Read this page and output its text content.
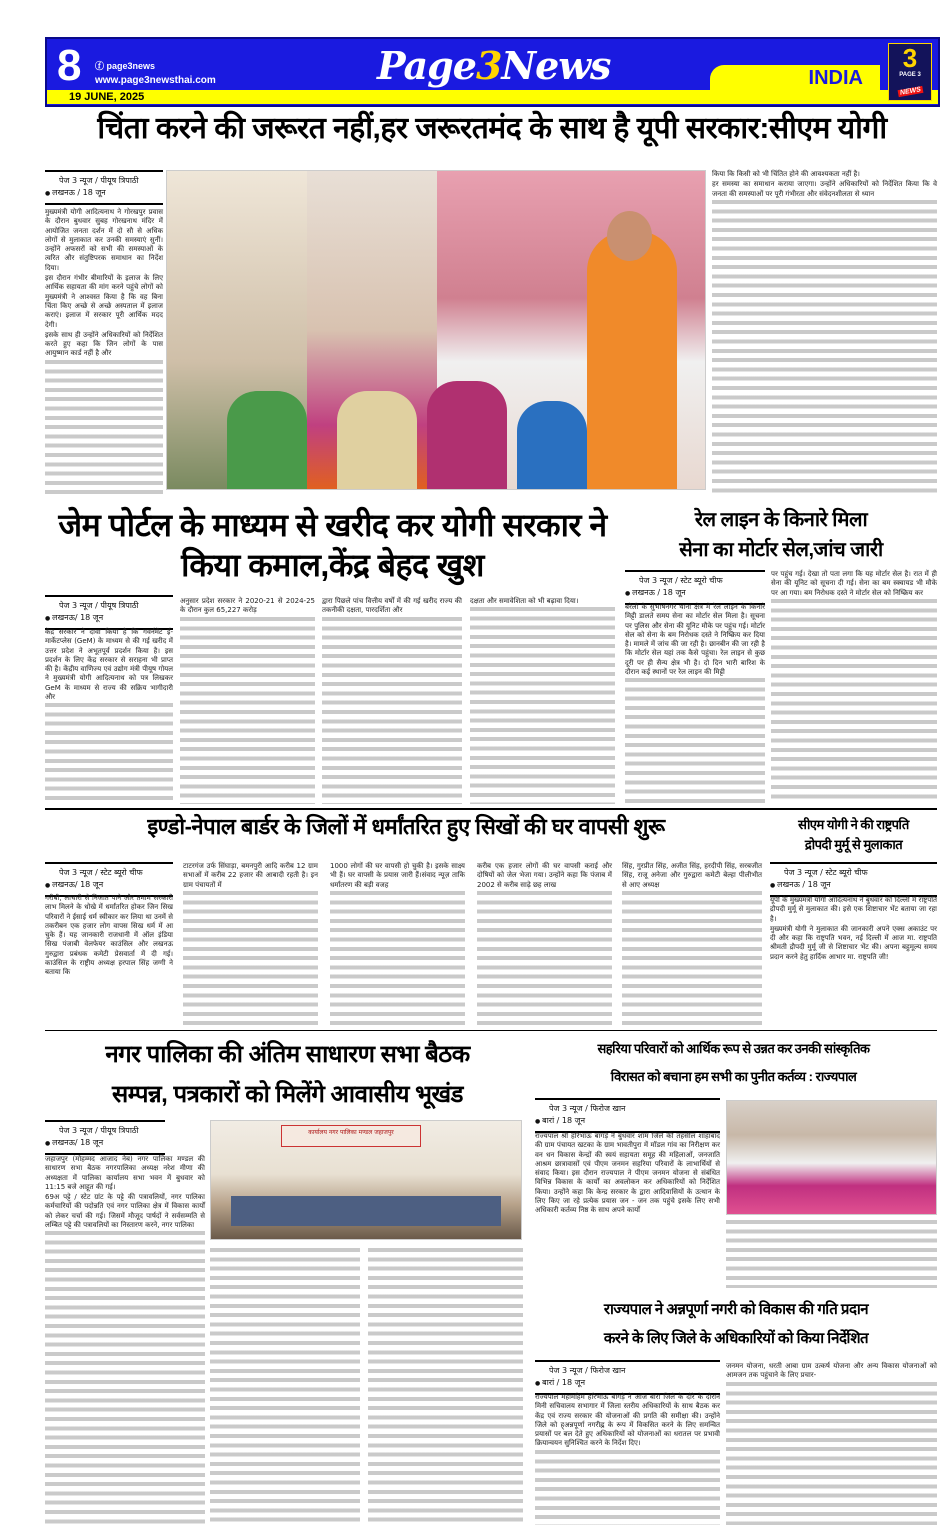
8 ⓕ page3news
www.page3newsthai.com
19 JUNE, 2025
Page3News	INDIA
3
PAGE 3
NEWS
चिंता करने की जरूरत नहीं,हर जरूरतमंद के साथ है यूपी सरकार:सीएम योगी
पेज 3 न्यूज / पीयूष त्रिपाठी
● लखनऊ / 18 जून

मुख्यमंत्री योगी आदित्यनाथ ने गोरखपुर प्रवास के दौरान बुधवार सुबह गोरखनाथ मंदिर में आयोजित जनता दर्शन में दो सौ से अधिक लोगों से मुलाकात कर उनकी समस्याएं सुनीं। उन्होंने अफसरों को सभी की समस्याओं के त्वरित और संतुष्टिपरक समाधान का निर्देश दिया।

इस दौरान गंभीर बीमारियों के इलाज के लिए आर्थिक सहायता की मांग करने पहुंचे लोगों को मुख्यमंत्री ने आश्वस्त किया है कि वह बिना चिंता किए अच्छे से अच्छे अस्पताल में इलाज कराएं। इलाज में सरकार पूरी आर्थिक मदद देगी।

इसके साथ ही उन्होंने अधिकारियों को निर्देशित करते हुए कहा कि जिन लोगों के पास आयुष्मान कार्ड नहीं है और

किया कि किसी को भी चिंतित होने की आवश्यकता नहीं है।

हर समस्या का समाधान कराया जाएगा। उन्होंने अधिकारियों को निर्देशित किया कि वे जनता की समस्याओं पर पूरी गंभीरता और संवेदनशीलता से ध्यान

जेम पोर्टल के माध्यम से खरीद कर योगी सरकार ने किया कमाल,केंद्र बेहद खुश
पेज 3 न्यूज / पीयूष त्रिपाठी
● लखनऊ/ 18 जून

केंद्र सरकार ने दावा किया है कि गवर्नमेंट ई-मार्केटप्लेस (GeM) के माध्यम से की गई खरीद में उत्तर प्रदेश ने अभूतपूर्व प्रदर्शन किया है। इस प्रदर्शन के लिए केंद्र सरकार से सराहना भी प्राप्त की है। केंद्रीय वाणिज्य एवं उद्योग मंत्री पीयूष गोयल ने मुख्यमंत्री योगी आदित्यनाथ को पत्र लिखकर GeM के माध्यम से राज्य की सक्रिय भागीदारी और

अनुसार प्रदेश सरकार ने 2020-21 से 2024-25 के दौरान कुल 65,227 करोड़

द्वारा पिछले पांच वित्तीय वर्षों में की गई खरीद राज्य की तकनीकी दक्षता, पारदर्शिता और

दक्षता और समावेशिता को भी बढ़ावा दिया।

रेल लाइन के किनारे मिला
सेना का मोर्टार सेल,जांच जारी
पेज 3 न्यूज / स्टेट ब्यूरो चीफ
● लखनऊ / 18 जून

बरेली के सुभाषनगर थाना क्षेत्र में रेल लाइन के किनारे मिट्टी डालते समय सेना का मोर्टार सेल मिला है। सूचना पर पुलिस और सेना की यूनिट मौके पर पहुंच गई। मोर्टार सेल को सेना के बम निरोधक दस्ते ने निष्क्रिय कर दिया है। मामले में जांच की जा रही है। छानबीन की जा रही है कि मोर्टार सेल यहां तक कैसे पहुंचा। रेल लाइन से कुछ दूरी पर ही सैन्य क्षेत्र भी है। दो दिन भारी बारिश के दौरान कई स्थानों पर रेल लाइन की मिट्टी

पर पहुंच गई। देखा तो पता लगा कि यह मोर्टार सेल है। रात में ही सेना की यूनिट को सूचना दी गई। सेना का बम स्क्वायड भी मौके पर आ गया। बम निरोधक दस्ते ने मोर्टार सेल को निष्क्रिय कर

इण्डो-नेपाल बार्डर के जिलों में धर्मांतरित हुए सिखों की घर वापसी शुरू
पेज 3 न्यूज / स्टेट ब्यूरो चीफ
● लखनऊ/ 18 जून

गरीबी, लाचारी से निजात पाने और तमाम सरकारी लाभ मिलने के धोखे में धर्मांतरित होकर जिन सिख परिवारों ने ईसाई धर्म स्वीकार कर लिया था उनमें से तकरीबन एक हजार लोग वापस सिख धर्म में आ चुके हैं। यह जानकारी राजधानी में ऑल इंडिया सिख पंजाबी वेलफेयर काउंसिल और लखनऊ गुरुद्वारा प्रबंधक कमेटी प्रेसवार्ता में दी गई। काउंसिल के राष्ट्रीय अध्यक्ष हरपाल सिंह जग्गी ने बताया कि

टाटरगंज उर्फ सिंघाड़ा, बमनपुरी आदि करीब 12 ग्राम सभाओं में करीब 22 हजार की आबादी रहती है। इन ग्राम पंचायतों में

1000 लोगों की घर वापसी हो चुकी है। इसके साक्ष्य भी हैं। घर वापसी के प्रयास जारी हैं।संवाद न्यूज़ ताकि धर्मांतरण की बड़ी वजह

करीब एक हजार लोगों की घर वापसी कराई और दोषियों को जेल भेजा गया। उन्होंने कहा कि पंजाब में 2002 से करीब साढ़े छह लाख

सिंह, गुरप्रीत सिंह, अजीत सिंह, हरदीपी सिंह, सरबजीत सिंह, राजू अनेजा और गुरुद्वारा कमेटी बेल्हा पीलीभीत से आए अध्यक्ष

सीएम योगी ने की राष्ट्रपति
द्रोपदी मुर्मू से मुलाकात
पेज 3 न्यूज / स्टेट ब्यूरो चीफ
● लखनऊ / 18 जून

यूपी के मुख्यमंत्री योगी आदित्यनाथ ने बुधवार को दिल्ली में राष्ट्रपति द्रौपदी मुर्मू से मुलाकात की। इसे एक शिष्टाचार भेंट बताया जा रहा है।

मुख्यमंत्री योगी ने मुलाकात की जानकारी अपने एक्स अकाउंट पर दी और कहा कि राष्ट्रपति भवन, नई दिल्ली में आज मा. राष्ट्रपति श्रीमती द्रौपदी मुर्मू जी से शिष्टाचार भेंट की। अपना बहुमूल्य समय प्रदान करने हेतु हार्दिक आभार मा. राष्ट्रपति जी!

नगर पालिका की अंतिम साधारण सभा बैठक
सम्पन्न, पत्रकारों को मिलेंगे आवासीय भूखंड
पेज 3 न्यूज / पीयूष त्रिपाठी
● लखनऊ/ 18 जून
कार्यालय नगर पालिका मण्डल जहाजपुर

जहाजपुर (मोहम्मद आजाद नेब) नगर पालिका मण्डल की साधारण सभा बैठक नगरपालिका अध्यक्ष नरेश मीणा की अध्यक्षता में पालिका कार्यालय सभा भवन में बुधवार को 11:15 बजे आहूत की गई।

69अ पट्टे / स्टेट ग्रांट के पट्टे की पत्रावलियों, नगर पालिका कर्मचारियों की पदोन्नति एवं नगर पालिका क्षेत्र में विकास कार्यों को लेकर चर्चा की गई। जिसमें मौजूद पार्षदों ने सर्वसम्मति से लम्बित पट्टे की पत्रावलियों का निस्तारण करने, नगर पालिका

सहरिया परिवारों को आर्थिक रूप से उन्नत कर उनकी सांस्कृतिक
विरासत को बचाना हम सभी का पुनीत कर्तव्य : राज्यपाल
पेज 3 न्यूज / फिरोज खान
● बारां / 18 जून

राज्यपाल श्री हरिभाऊ बागड़े ने बुधवार शाम जिले की तहसील शाहाबाद की ग्राम पंचायत खटका के ग्राम भावतीपुरा में मॉडल गांव का निरीक्षण कर वन धन विकास केन्द्रों की स्वयं सहायता समूह की महिलाओं, जनजाति आश्रम छात्रावासों एवं पीएम जनमन सहरिया परिवारों के लाभार्थियों से संवाद किया। इस दौरान राज्यपाल ने पीएम जनमन योजना से संबंधित विभिन्न विकास के कार्यों का अवलोकन कर अधिकारियों को निर्देशित किया। उन्होंने कहा कि केन्द्र सरकार के द्वारा आदिवासियों के उत्थान के लिए किए जा रहे प्रत्येक प्रयास जन - जन तक पहुंचे इसके लिए सभी अधिकारी कर्तव्य निष्ठ के साथ अपने कार्यों

राज्यपाल ने अन्नपूर्णा नगरी को विकास की गति प्रदान
करने के लिए जिले के अधिकारियों को किया निर्देशित
पेज 3 न्यूज / फिरोज खान
● बारां / 18 जून

राज्यपाल महामहिम हरिभाऊ बागड़े ने आज बारां जिले के दौरे के दौरान मिनी सचिवालय सभागार में जिला स्तरीय अधिकारियों के साथ बैठक कर केंद्र एवं राज्य सरकार की योजनाओं की प्रगति की समीक्षा की। उन्होंने जिले को ह्अन्नपूर्णा नगरीह्न के रूप में विकसित करने के लिए समन्वित प्रयासों पर बल देते हुए अधिकारियों को योजनाओं का धरातल पर प्रभावी क्रियान्वयन सुनिश्चित करने के निर्देश दिए।

जनमन योजना, धरती आबा ग्राम उत्कर्ष योजना और अन्य विकास योजनाओं को आमजन तक पहुंचाने के लिए प्रचार-
